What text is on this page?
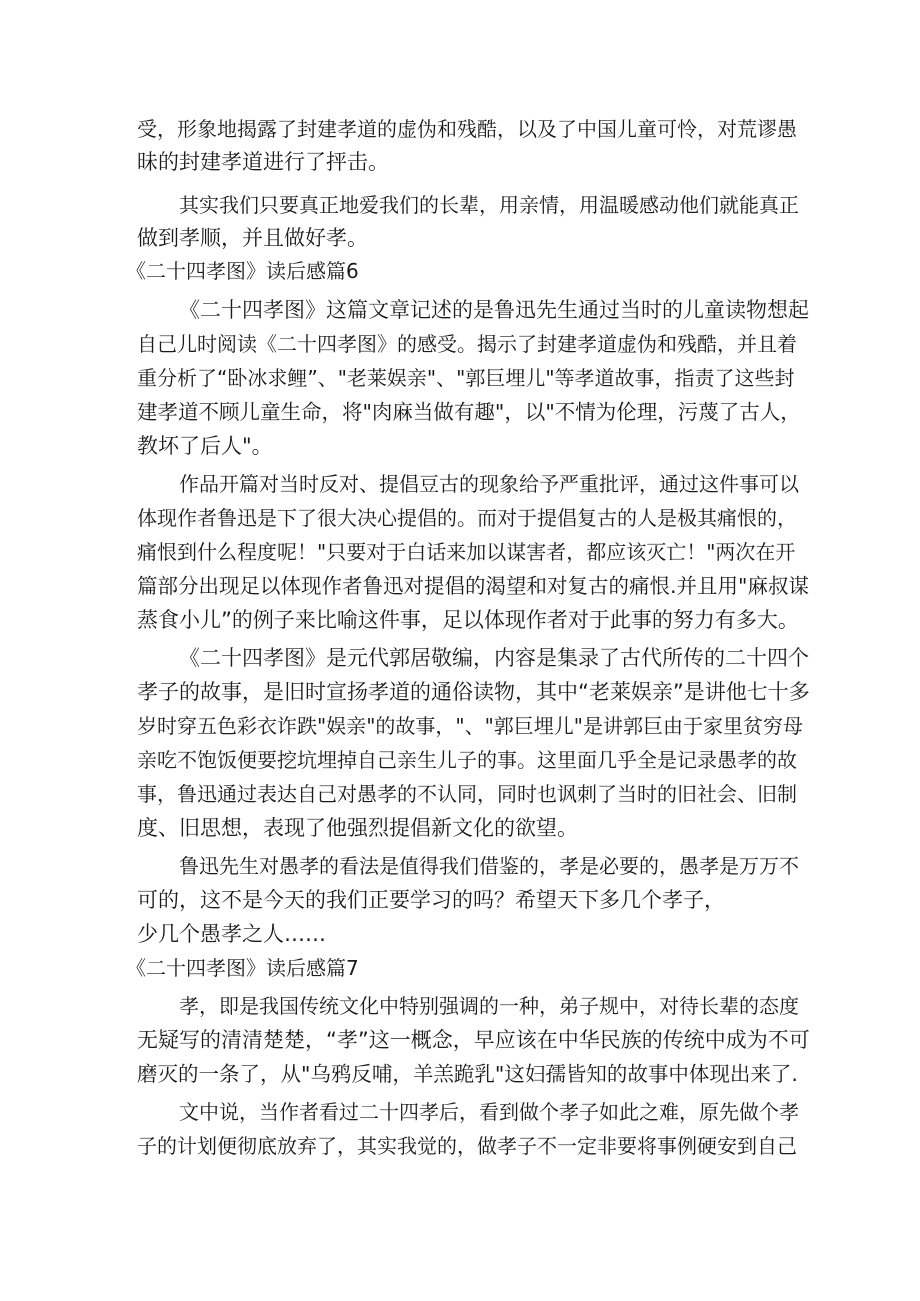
受，形象地揭露了封建孝道的虚伪和残酷，以及了中国儿童可怜，对荒谬愚
昧的封建孝道进行了抨击。
其实我们只要真正地爱我们的长辈，用亲情，用温暖感动他们就能真正
做到孝顺，并且做好孝。
《二十四孝图》读后感篇6
《二十四孝图》这篇文章记述的是鲁迅先生通过当时的儿童读物想起
自己儿时阅读《二十四孝图》的感受。揭示了封建孝道虚伪和残酷，并且着
重分析了“卧冰求鲤”、"老莱娱亲"、"郭巨埋儿"等孝道故事，指责了这些封
建孝道不顾儿童生命，将"肉麻当做有趣"，以"不情为伦理，污蔑了古人，
教坏了后人"。
作品开篇对当时反对、提倡豆古的现象给予严重批评，通过这件事可以
体现作者鲁迅是下了很大决心提倡的。而对于提倡复古的人是极其痛恨的，
痛恨到什么程度呢！"只要对于白话来加以谋害者，都应该灭亡！"两次在开
篇部分出现足以体现作者鲁迅对提倡的渴望和对复古的痛恨.并且用"麻叔谋
蒸食小儿”的例子来比喻这件事，足以体现作者对于此事的努力有多大。
《二十四孝图》是元代郭居敬编，内容是集录了古代所传的二十四个
孝子的故事，是旧时宣扬孝道的通俗读物，其中“老莱娱亲”是讲他七十多
岁时穿五色彩衣诈跌"娱亲"的故事，"、"郭巨埋儿"是讲郭巨由于家里贫穷母
亲吃不饱饭便要挖坑埋掉自己亲生儿子的事。这里面几乎全是记录愚孝的故
事，鲁迅通过表达自己对愚孝的不认同，同时也讽刺了当时的旧社会、旧制
度、旧思想，表现了他强烈提倡新文化的欲望。
鲁迅先生对愚孝的看法是值得我们借鉴的，孝是必要的，愚孝是万万不
可的，这不是今天的我们正要学习的吗？希望天下多几个孝子，
少几个愚孝之人……
《二十四孝图》读后感篇7
孝，即是我国传统文化中特别强调的一种，弟子规中，对待长辈的态度
无疑写的清清楚楚，“孝”这一概念，早应该在中华民族的传统中成为不可
磨灭的一条了，从"乌鸦反哺，羊羔跪乳"这妇孺皆知的故事中体现出来了.
文中说，当作者看过二十四孝后，看到做个孝子如此之难，原先做个孝
子的计划便彻底放弃了，其实我觉的，做孝子不一定非要将事例硬安到自己
